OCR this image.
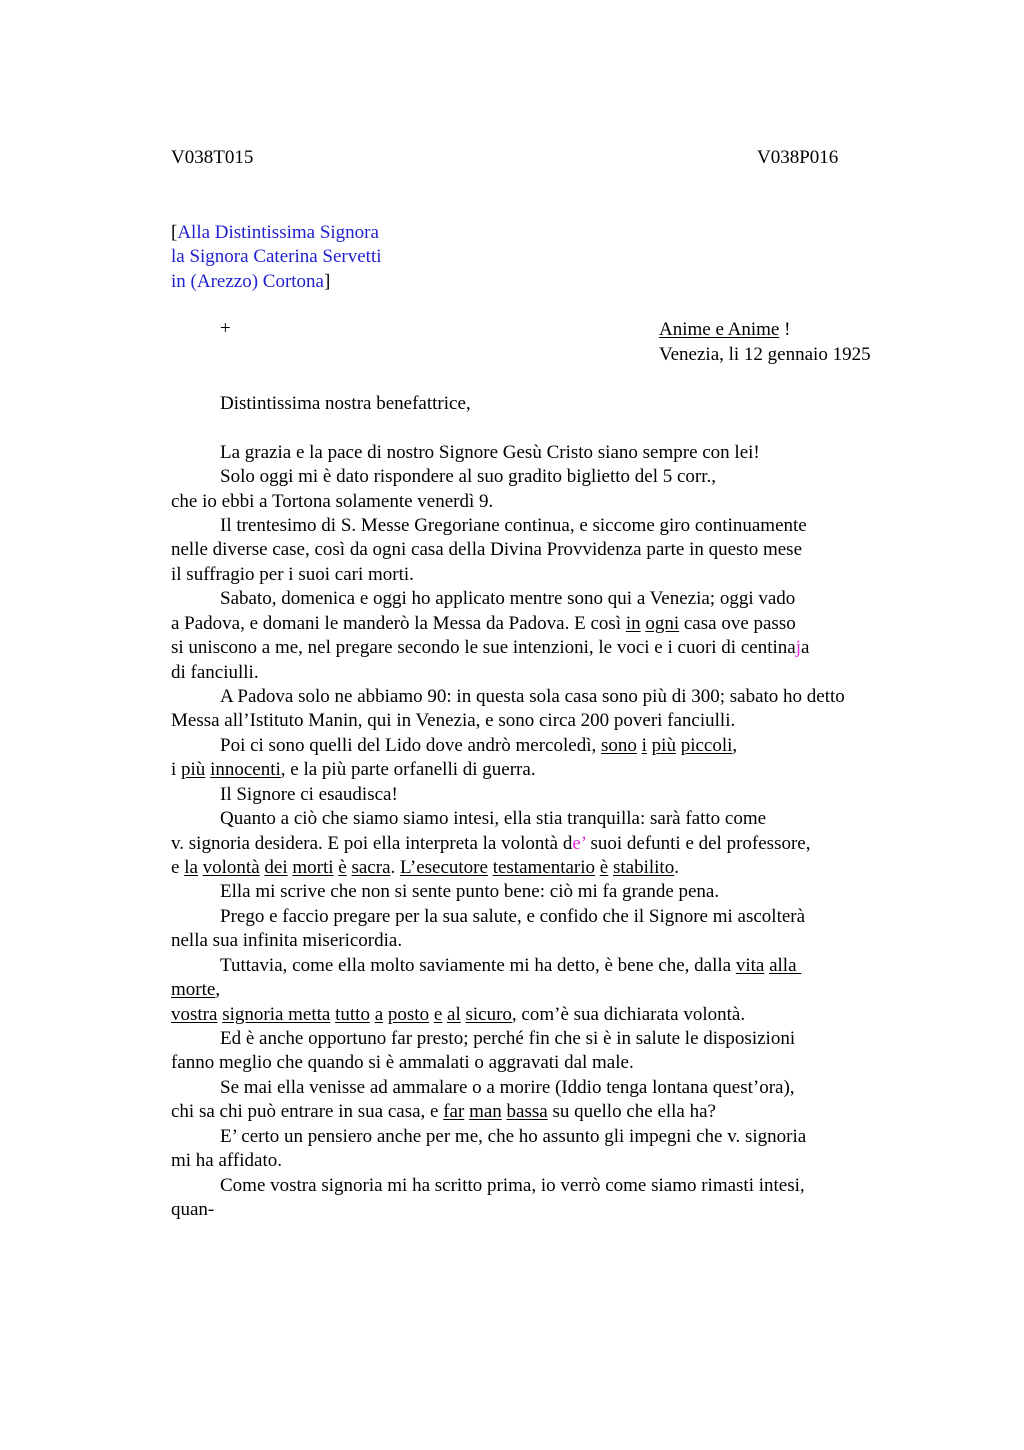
V038T015	V038P016
[Alla Distintissima Signora
la Signora Caterina Servetti
in (Arezzo) Cortona]
+	Anime e Anime !
Venezia, li 12 gennaio 1925
Distintissima nostra benefattrice,
La grazia e la pace di nostro Signore Gesù Cristo siano sempre con lei!
Solo oggi mi è dato rispondere al suo gradito biglietto del 5 corr.,
che io ebbi a Tortona solamente venerdì 9.
Il trentesimo di S. Messe Gregoriane continua, e siccome giro continuamente
nelle diverse case, così da ogni casa della Divina Provvidenza parte in questo mese
il suffragio per i suoi cari morti.
Sabato, domenica e oggi ho applicato mentre sono qui a Venezia; oggi vado
a Padova, e domani le manderò la Messa da Padova. E così in ogni casa ove passo
si uniscono a me, nel pregare secondo le sue intenzioni, le voci e i cuori di centinaja
di fanciulli.
A Padova solo ne abbiamo 90: in questa sola casa sono più di 300; sabato ho detto
Messa all’Istituto Manin, qui in Venezia, e sono circa 200 poveri fanciulli.
Poi ci sono quelli del Lido dove andrò mercoledì, sono i più piccoli,
i più innocenti, e la più parte orfanelli di guerra.
Il Signore ci esaudisca!
Quanto a ciò che siamo siamo intesi, ella stia tranquilla: sarà fatto come
v. signoria desidera. E poi ella interpreta la volontà de’ suoi defunti e del professore,
e la volontà dei morti è sacra. L’esecutore testamentario è stabilito.
Ella mi scrive che non si sente punto bene: ciò mi fa grande pena.
Prego e faccio pregare per la sua salute, e confido che il Signore mi ascolterà
nella sua infinita misericordia.
Tuttavia, come ella molto saviamente mi ha detto, è bene che, dalla vita alla
morte,
vostra signoria metta tutto a posto e al sicuro, com’è sua dichiarata volontà.
Ed è anche opportuno far presto; perché fin che si è in salute le disposizioni
fanno meglio che quando si è ammalati o aggravati dal male.
Se mai ella venisse ad ammalare o a morire (Iddio tenga lontana quest’ora),
chi sa chi può entrare in sua casa, e far man bassa su quello che ella ha?
E’ certo un pensiero anche per me, che ho assunto gli impegni che v. signoria
mi ha affidato.
Come vostra signoria mi ha scritto prima, io verrò come siamo rimasti intesi,
quan-
